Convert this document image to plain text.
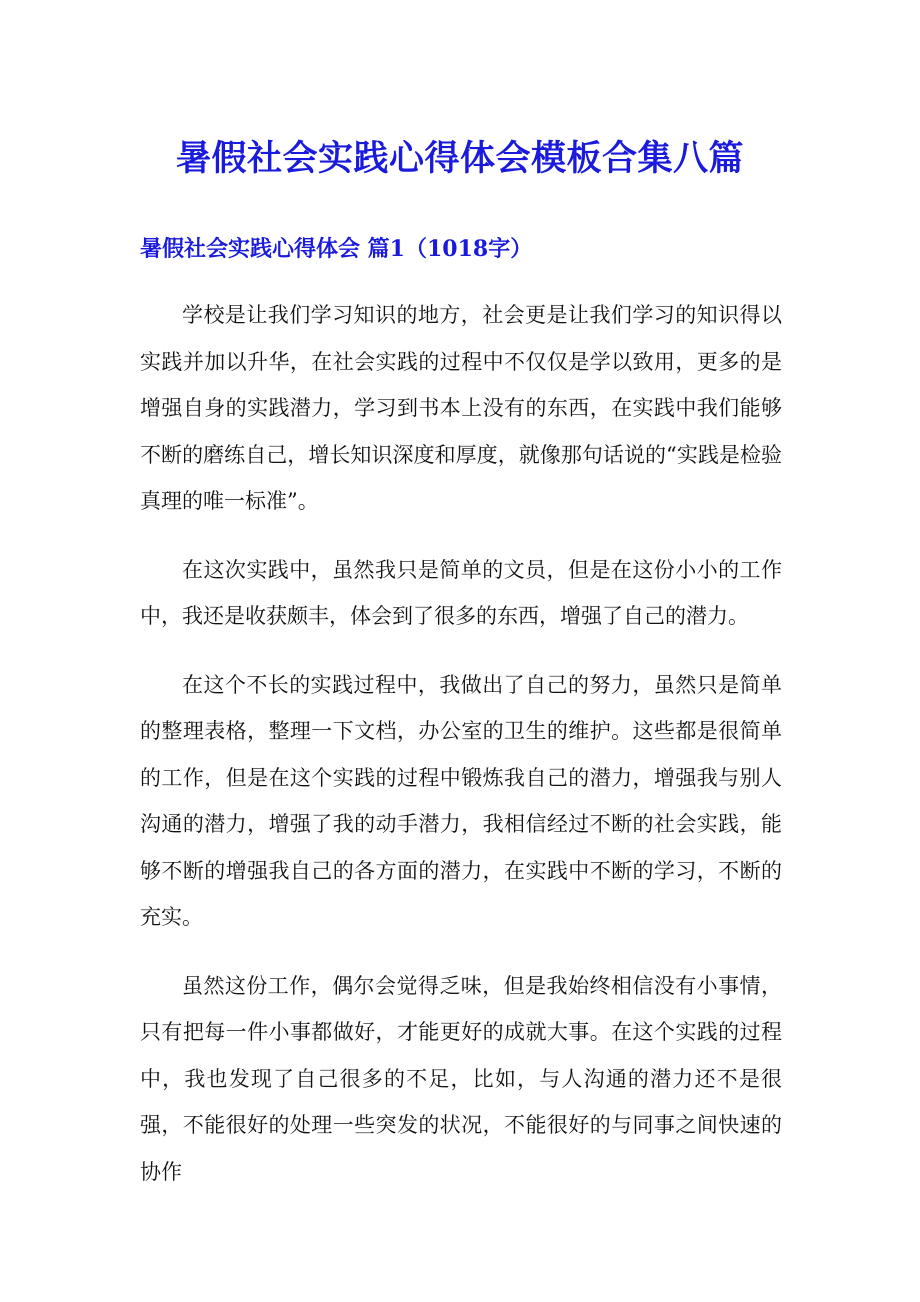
暑假社会实践心得体会模板合集八篇
暑假社会实践心得体会 篇1（1018字）

学校是让我们学习知识的地方，社会更是让我们学习的知识得以实践并加以升华，在社会实践的过程中不仅仅是学以致用，更多的是增强自身的实践潜力，学习到书本上没有的东西，在实践中我们能够不断的磨练自己，增长知识深度和厚度，就像那句话说的“实践是检验真理的唯一标准”。

在这次实践中，虽然我只是简单的文员，但是在这份小小的工作中，我还是收获颇丰，体会到了很多的东西，增强了自己的潜力。

在这个不长的实践过程中，我做出了自己的努力，虽然只是简单的整理表格，整理一下文档，办公室的卫生的维护。这些都是很简单的工作，但是在这个实践的过程中锻炼我自己的潜力，增强我与别人沟通的潜力，增强了我的动手潜力，我相信经过不断的社会实践，能够不断的增强我自己的各方面的潜力，在实践中不断的学习，不断的充实。

虽然这份工作，偶尔会觉得乏味，但是我始终相信没有小事情，只有把每一件小事都做好，才能更好的成就大事。在这个实践的过程中，我也发现了自己很多的不足，比如，与人沟通的潜力还不是很强，不能很好的处理一些突发的状况，不能很好的与同事之间快速的协作
